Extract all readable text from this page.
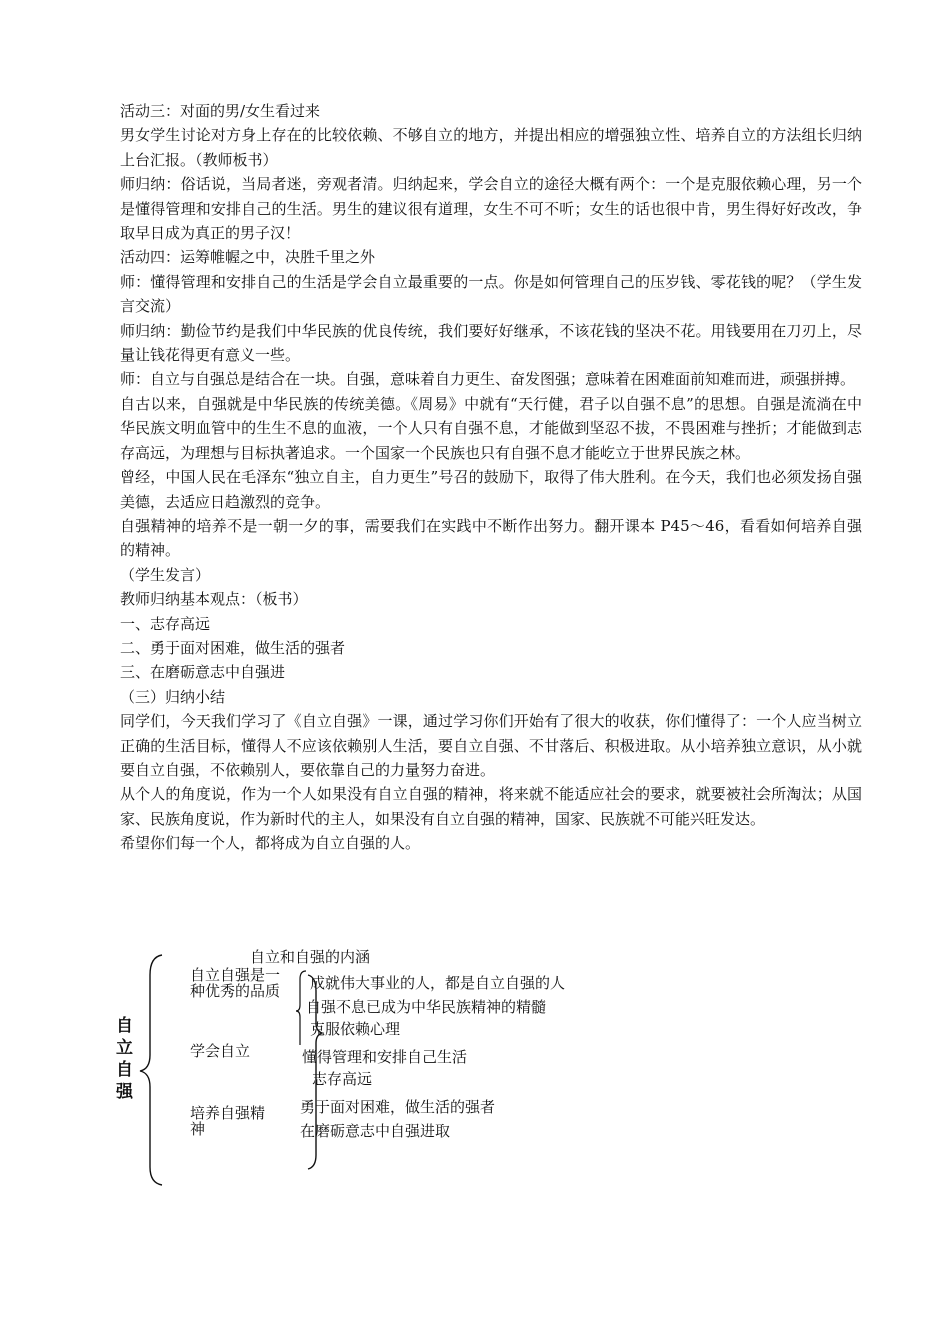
活动三：对面的男/女生看过来

男女学生讨论对方身上存在的比较依赖、不够自立的地方，并提出相应的增强独立性、培养自立的方法组长归纳上台汇报。（教师板书）

师归纳：俗话说，当局者迷，旁观者清。归纳起来，学会自立的途径大概有两个：一个是克服依赖心理，另一个是懂得管理和安排自己的生活。男生的建议很有道理，女生不可不听；女生的话也很中肯，男生得好好改改，争取早日成为真正的男子汉！

活动四：运筹帷幄之中，决胜千里之外

师：懂得管理和安排自己的生活是学会自立最重要的一点。你是如何管理自己的压岁钱、零花钱的呢？（学生发言交流）

师归纳：勤俭节约是我们中华民族的优良传统，我们要好好继承，不该花钱的坚决不花。用钱要用在刀刃上，尽量让钱花得更有意义一些。

师：自立与自强总是结合在一块。自强，意味着自力更生、奋发图强；意味着在困难面前知难而进，顽强拼搏。

自古以来，自强就是中华民族的传统美德。《周易》中就有“天行健，君子以自强不息”的思想。自强是流淌在中华民族文明血管中的生生不息的血液，一个人只有自强不息，才能做到坚忍不拔，不畏困难与挫折；才能做到志存高远，为理想与目标执著追求。一个国家一个民族也只有自强不息才能屹立于世界民族之林。

曾经，中国人民在毛泽东“独立自主，自力更生”号召的鼓励下，取得了伟大胜利。在今天，我们也必须发扬自强美德，去适应日趋激烈的竞争。

自强精神的培养不是一朝一夕的事，需要我们在实践中不断作出努力。翻开课本 P45～46，看看如何培养自强的精神。

（学生发言）

教师归纳基本观点：（板书）

一、志存高远

二、勇于面对困难，做生活的强者

三、在磨砺意志中自强进

（三）归纳小结

同学们，今天我们学习了《自立自强》一课，通过学习你们开始有了很大的收获，你们懂得了：一个人应当树立正确的生活目标，懂得人不应该依赖别人生活，要自立自强、不甘落后、积极进取。从小培养独立意识，从小就要自立自强，不依赖别人，要依靠自己的力量努力奋进。

从个人的角度说，作为一个人如果没有自立自强的精神，将来就不能适应社会的要求，就要被社会所淘汰；从国家、民族角度说，作为新时代的主人，如果没有自立自强的精神，国家、民族就不可能兴旺发达。

希望你们每一个人，都将成为自立自强的人。

自立自强
自立自强是一
种优秀的品质
学会自立
培养自强精
神
自立和自强的内涵
成就伟大事业的人，都是自立自强的人
自强不息已成为中华民族精神的精髓
克服依赖心理
懂得管理和安排自己生活
志存高远
勇于面对困难，做生活的强者
在磨砺意志中自强进取
